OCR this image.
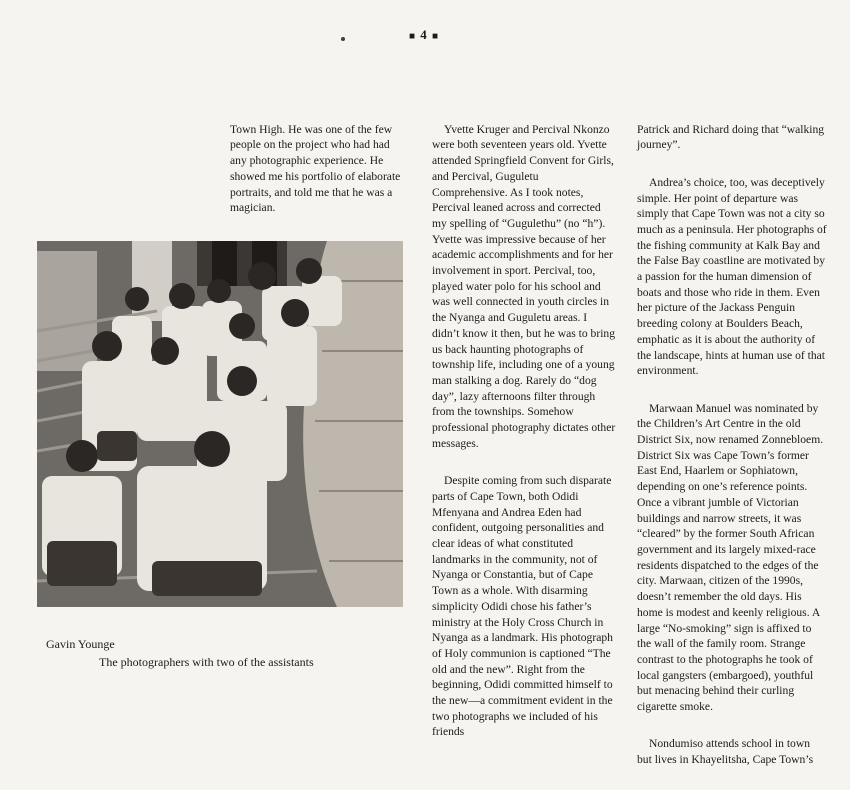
■ 4 ■

Town High. He was one of the few people on the project who had had any photographic experience. He showed me his portfolio of elaborate portraits, and told me that he was a magician.

Yvette Kruger and Percival Nkonzo were both seventeen years old. Yvette attended Springfield Convent for Girls, and Percival, Guguletu Comprehensive. As I took notes, Percival leaned across and corrected my spelling of “Gugulethu” (no “h”). Yvette was impressive because of her academic accomplishments and for her involvement in sport. Percival, too, played water polo for his school and was well connected in youth circles in the Nyanga and Guguletu areas. I didn’t know it then, but he was to bring us back haunting photographs of township life, including one of a young man stalking a dog. Rarely do “dog day”, lazy afternoons filter through from the townships. Somehow professional photography dictates other messages.

Despite coming from such disparate parts of Cape Town, both Odidi Mfenyana and Andrea Eden had confident, outgoing personalities and clear ideas of what constituted landmarks in the community, not of Nyanga or Constantia, but of Cape Town as a whole. With disarming simplicity Odidi chose his father’s ministry at the Holy Cross Church in Nyanga as a landmark. His photograph of Holy communion is captioned “The old and the new”. Right from the beginning, Odidi committed himself to the new—a commitment evident in the two photographs we included of his friends

Patrick and Richard doing that “walking journey”.

Andrea’s choice, too, was deceptively simple. Her point of departure was simply that Cape Town was not a city so much as a peninsula. Her photographs of the fishing community at Kalk Bay and the False Bay coastline are motivated by a passion for the human dimension of boats and those who ride in them. Even her picture of the Jackass Penguin breeding colony at Boulders Beach, emphatic as it is about the authority of the landscape, hints at human use of that environment.

Marwaan Manuel was nominated by the Children’s Art Centre in the old District Six, now renamed Zonnebloem. District Six was Cape Town’s former East End, Haarlem or Sophiatown, depending on one’s reference points. Once a vibrant jumble of Victorian buildings and narrow streets, it was “cleared” by the former South African government and its largely mixed-race residents dispatched to the edges of the city. Marwaan, citizen of the 1990s, doesn’t remember the old days. His home is modest and keenly religious. A large “No-smoking” sign is affixed to the wall of the family room. Strange contrast to the photographs he took of local gangsters (embargoed), youthful but menacing behind their curling cigarette smoke.

Nondumiso attends school in town but lives in Khayelitsha, Cape Town’s

Gavin Younge
The photographers with two of the assistants
